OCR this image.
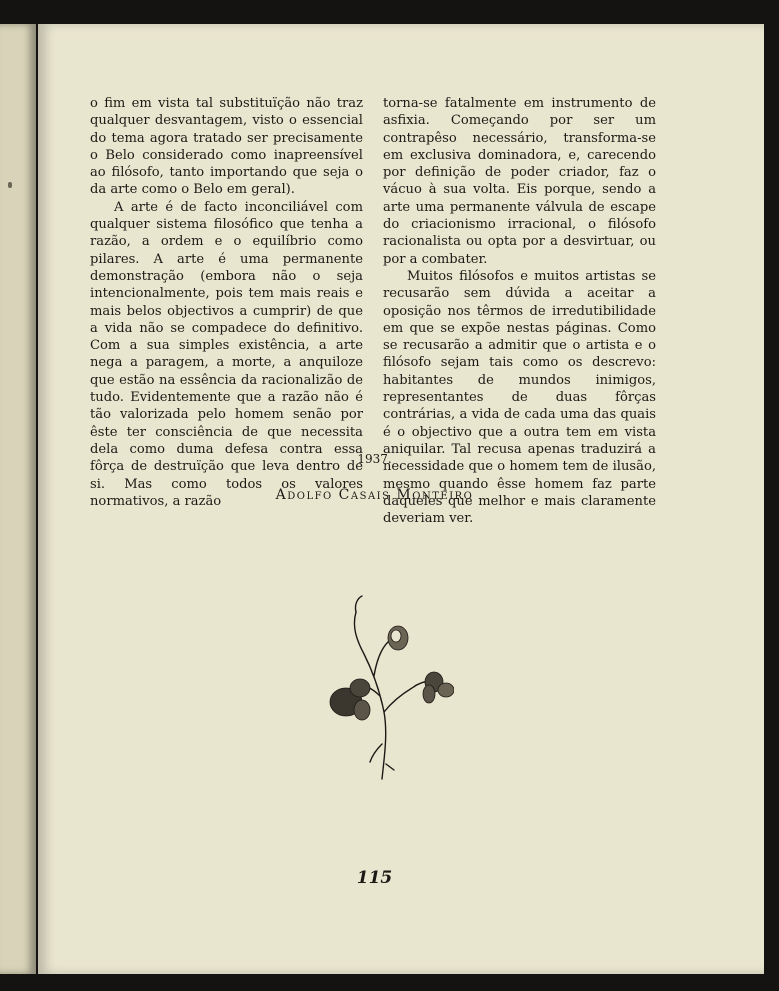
o fim em vista tal substituïção não traz qualquer desvantagem, visto o essencial do tema agora tratado ser precisamente o Belo considerado como inapreensível ao filósofo, tanto importando que seja o da arte como o Belo em geral).

A arte é de facto inconciliável com qualquer sistema filosófico que tenha a razão, a ordem e o equilíbrio como pilares. A arte é uma permanente demonstração (embora não o seja intencionalmente, pois tem mais reais e mais belos objectivos a cumprir) de que a vida não se compadece do definitivo. Com a sua simples existência, a arte nega a paragem, a morte, a anquiloze que estão na essência da racionalizão de tudo. Evidentemente que a razão não é tão valorizada pelo homem senão por êste ter consciência de que necessita dela como duma defesa contra essa fôrça de destruïção que leva dentro de si. Mas como todos os valores normativos, a razão

torna-se fatalmente em instrumento de asfixia. Começando por ser um contrapêso necessário, transforma-se em exclusiva dominadora, e, carecendo por definição de poder criador, faz o vácuo à sua volta. Eis porque, sendo a arte uma permanente válvula de escape do criacionismo irracional, o filósofo racionalista ou opta por a desvirtuar, ou por a combater.

Muitos filósofos e muitos artistas se recusarão sem dúvida a aceitar a oposição nos têrmos de irredutibilidade em que se expõe nestas páginas. Como se recusarão a admitir que o artista e o filósofo sejam tais como os descrevo: habitantes de mundos inimigos, representantes de duas fôrças contrárias, a vida de cada uma das quais é o objectivo que a outra tem em vista aniquilar. Tal recusa apenas traduzirá a necessidade que o homem tem de ilusão, mesmo quando êsse homem faz parte daqueles que melhor e mais claramente deveriam ver.

1937.
Adolfo Casais Monteiro
115
